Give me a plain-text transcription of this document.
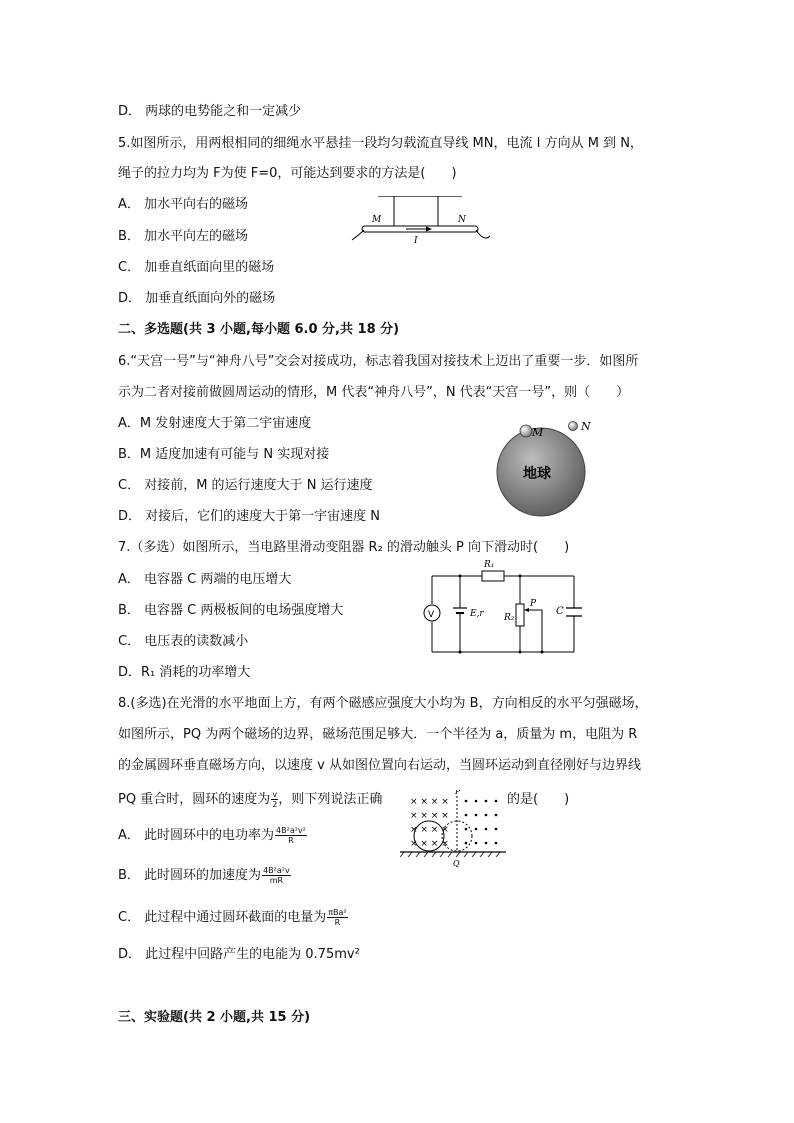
D． 两球的电势能之和一定减少
5.如图所示，用两根相同的细绳水平悬挂一段均匀载流直导线 MN，电流 I 方向从 M 到 N，
绳子的拉力均为 F为使 F=0，可能达到要求的方法是(　　)
A． 加水平向右的磁场
B． 加水平向左的磁场
C． 加垂直纸面向里的磁场
D． 加垂直纸面向外的磁场
M	N
I
二、多选题(共 3 小题,每小题 6.0 分,共 18 分)
6.“天宫一号”与“神舟八号”交会对接成功，标志着我国对接技术上迈出了重要一步．如图所
示为二者对接前做圆周运动的情形，M 代表“神舟八号”，N 代表“天宫一号”，则（　　）
A．M 发射速度大于第二宇宙速度
B．M 适度加速有可能与 N 实现对接
C． 对接前，M 的运行速度大于 N 运行速度
D． 对接后，它们的速度大于第一宇宙速度 N
地球
M	N
7.（多选）如图所示，当电路里滑动变阻器 R₂ 的滑动触头 P 向下滑动时(　　)
A． 电容器 C 两端的电压增大
B． 电容器 C 两极板间的电场强度增大
C． 电压表的读数减小
D．R₁ 消耗的功率增大
R₁
V	E,r R₂
P
C
8.(多选)在光滑的水平地面上方，有两个磁感应强度大小均为 B，方向相反的水平匀强磁场，
如图所示，PQ 为两个磁场的边界，磁场范围足够大．一个半径为 a，质量为 m，电阻为 R
的金属圆环垂直磁场方向，以速度 v 从如图位置向右运动，当圆环运动到直径刚好与边界线
PQ 重合时，圆环的速度为 $\frac{v}{2}$ ，则下列说法正确	的是(　　)
A． 此时圆环中的电功率为 $\frac{\text{4B²a²v²}}{R}$
B． 此时圆环的加速度为 $\frac{\text{4B²a²v}}{mR}$
C． 此过程中通过圆环截面的电量为 $\frac{\text{πBa²}}{R}$
D． 此过程中回路产生的电能为 0.75mv²
× × × ×
× × × ×
× × × ×
× × × ×
P
Q
三、实验题(共 2 小题,共 15 分)
